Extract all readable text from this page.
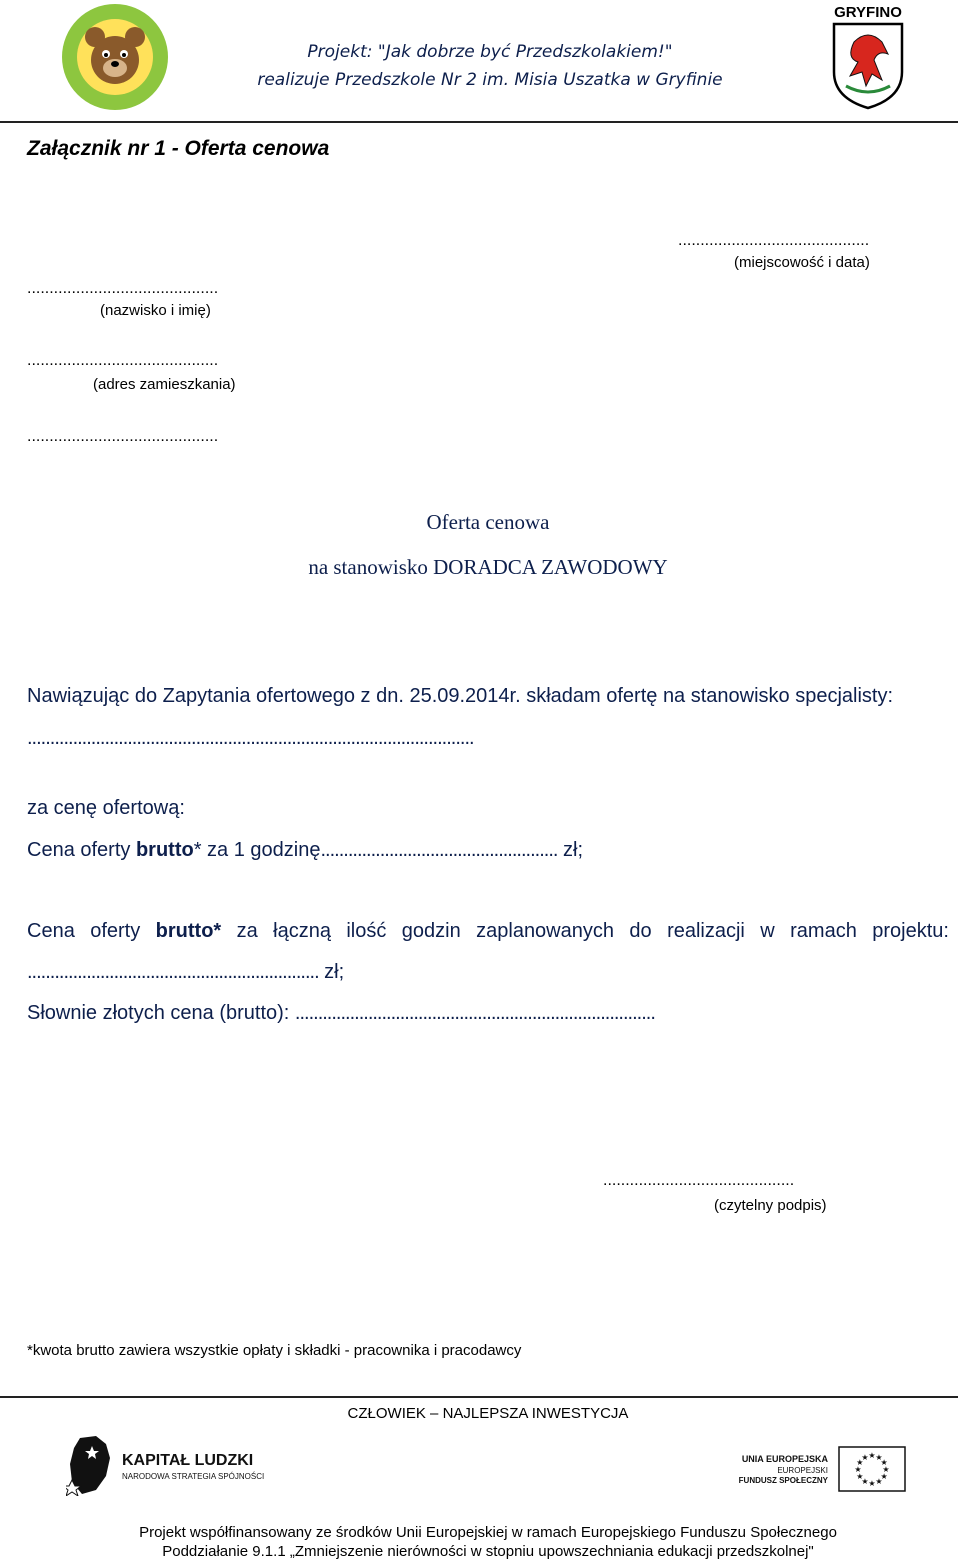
Projekt: "Jak dobrze być Przedszkolakiem!"
realizuje Przedszkole Nr 2 im. Misia Uszatka w Gryfinie
GRYFINO
Załącznik nr 1 - Oferta cenowa
...........................................
(miejscowość i data)
...........................................
(nazwisko i imię)
...........................................
(adres zamieszkania)
...........................................
Oferta cenowa
na stanowisko DORADCA ZAWODOWY
Nawiązując do Zapytania ofertowego z dn. 25.09.2014r. składam ofertę na stanowisko specjalisty:
..................................................................................................
za cenę ofertową:
Cena oferty brutto* za 1 godzinę.................................................... zł;
Cena oferty brutto* za łączną ilość godzin zaplanowanych do realizacji w ramach projektu:
................................................................ zł;
Słownie złotych cena (brutto): ...............................................................................
...........................................
(czytelny podpis)
*kwota brutto zawiera wszystkie opłaty i składki - pracownika i pracodawcy
CZŁOWIEK – NAJLEPSZA INWESTYCJA
KAPITAŁ LUDZKI
NARODOWA STRATEGIA SPÓJNOŚCI
UNIA EUROPEJSKA
EUROPEJSKI
FUNDUSZ SPOŁECZNY
★
★
★
★
★
★
★
★
★ ★ ★
★
Projekt współfinansowany ze środków Unii Europejskiej w ramach Europejskiego Funduszu Społecznego
Poddziałanie 9.1.1 „Zmniejszenie nierówności w stopniu upowszechniania edukacji przedszkolnej"
